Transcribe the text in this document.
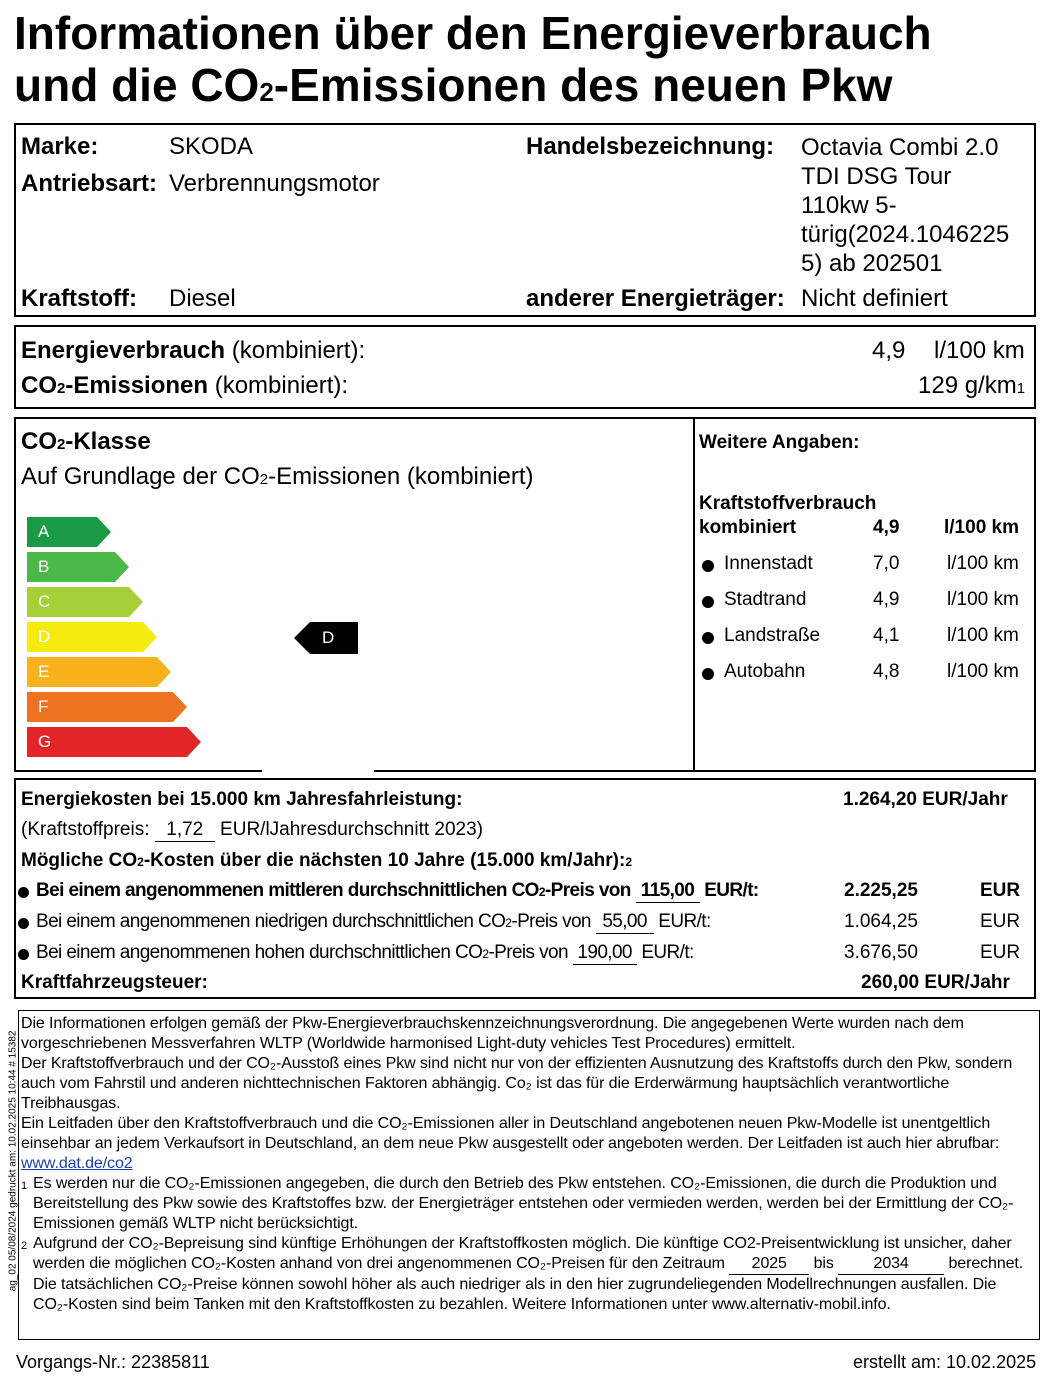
Informationen über den Energieverbrauch
und die CO2-Emissionen des neuen Pkw
Marke:	SKODA
Antriebsart: Verbrennungsmotor
Handelsbezeichnung: Octavia Combi 2.0
TDI DSG Tour
110kw 5-
türig(2024.1046225
5) ab 202501
Kraftstoff: Diesel	anderer Energieträger: Nicht definiert
Energieverbrauch (kombiniert):	4,9 l/100 km
CO2-Emissionen (kombiniert):	129 g/km1
CO2-Klasse
Auf Grundlage der CO2-Emissionen (kombiniert)
A
B
C
D
E
F
G
D
Weitere Angaben:
Kraftstoffverbrauch
kombiniert	4,9 l/100 km
Innenstadt	7,0	l/100 km
Stadtrand	4,9	l/100 km
Landstraße	4,1	l/100 km
Autobahn	4,8	l/100 km
Energiekosten bei 15.000 km Jahresfahrleistung:	1.264,20 EUR/Jahr
(Kraftstoffpreis: 1,72 EUR/lJahresdurchschnitt 2023)
Mögliche CO2-Kosten über die nächsten 10 Jahre (15.000 km/Jahr):2
Bei einem angenommenen mittleren durchschnittlichen CO2-Preis von 115,00 EUR/t:	2.225,25	EUR
Bei einem angenommenen niedrigen durchschnittlichen CO2-Preis von 55,00 EUR/t:	1.064,25	EUR
Bei einem angenommenen hohen durchschnittlichen CO2-Preis von 190,00 EUR/t:	3.676,50	EUR
Kraftfahrzeugsteuer:	260,00 EUR/Jahr
Die Informationen erfolgen gemäß der Pkw-Energieverbrauchskennzeichnungsverordnung. Die angegebenen Werte wurden nach dem vorgeschriebenen Messverfahren WLTP (Worldwide harmonised Light-duty vehicles Test Procedures) ermittelt.
Der Kraftstoffverbrauch und der CO₂-Ausstoß eines Pkw sind nicht nur von der effizienten Ausnutzung des Kraftstoffs durch den Pkw, sondern auch vom Fahrstil und anderen nichttechnischen Faktoren abhängig. Co₂ ist das für die Erderwärmung hauptsächlich verantwortliche Treibhausgas.
Ein Leitfaden über den Kraftstoffverbrauch und die CO₂-Emissionen aller in Deutschland angebotenen neuen Pkw-Modelle ist unentgeltlich einsehbar an jedem Verkaufsort in Deutschland, an dem neue Pkw ausgestellt oder angeboten werden. Der Leitfaden ist auch hier abrufbar: www.dat.de/co2
1 Es werden nur die CO₂-Emissionen angegeben, die durch den Betrieb des Pkw entstehen. CO₂-Emissionen, die durch die Produktion und Bereitstellung des Pkw sowie des Kraftstoffes bzw. der Energieträger entstehen oder vermieden werden, werden bei der Ermittlung der CO₂-Emissionen gemäß WLTP nicht berücksichtigt.
2 Aufgrund der CO₂-Bepreisung sind künftige Erhöhungen der Kraftstoffkosten möglich. Die künftige CO2-Preisentwicklung ist unsicher, daher werden die möglichen CO₂-Kosten anhand von drei angenommenen CO₂-Preisen für den Zeitraum 2025 bis 2034 berechnet. Die tatsächlichen CO₂-Preise können sowohl höher als auch niedriger als in den hier zugrundeliegenden Modellrechnungen ausfallen. Die CO₂-Kosten sind beim Tanken mit den Kraftstoffkosten zu bezahlen. Weitere Informationen unter www.alternativ-mobil.info.
ag_02 05/08/2024 gedruckt am: 10.02.2025 10:44 # 15382
Vorgangs-Nr.: 22385811	erstellt am: 10.02.2025
